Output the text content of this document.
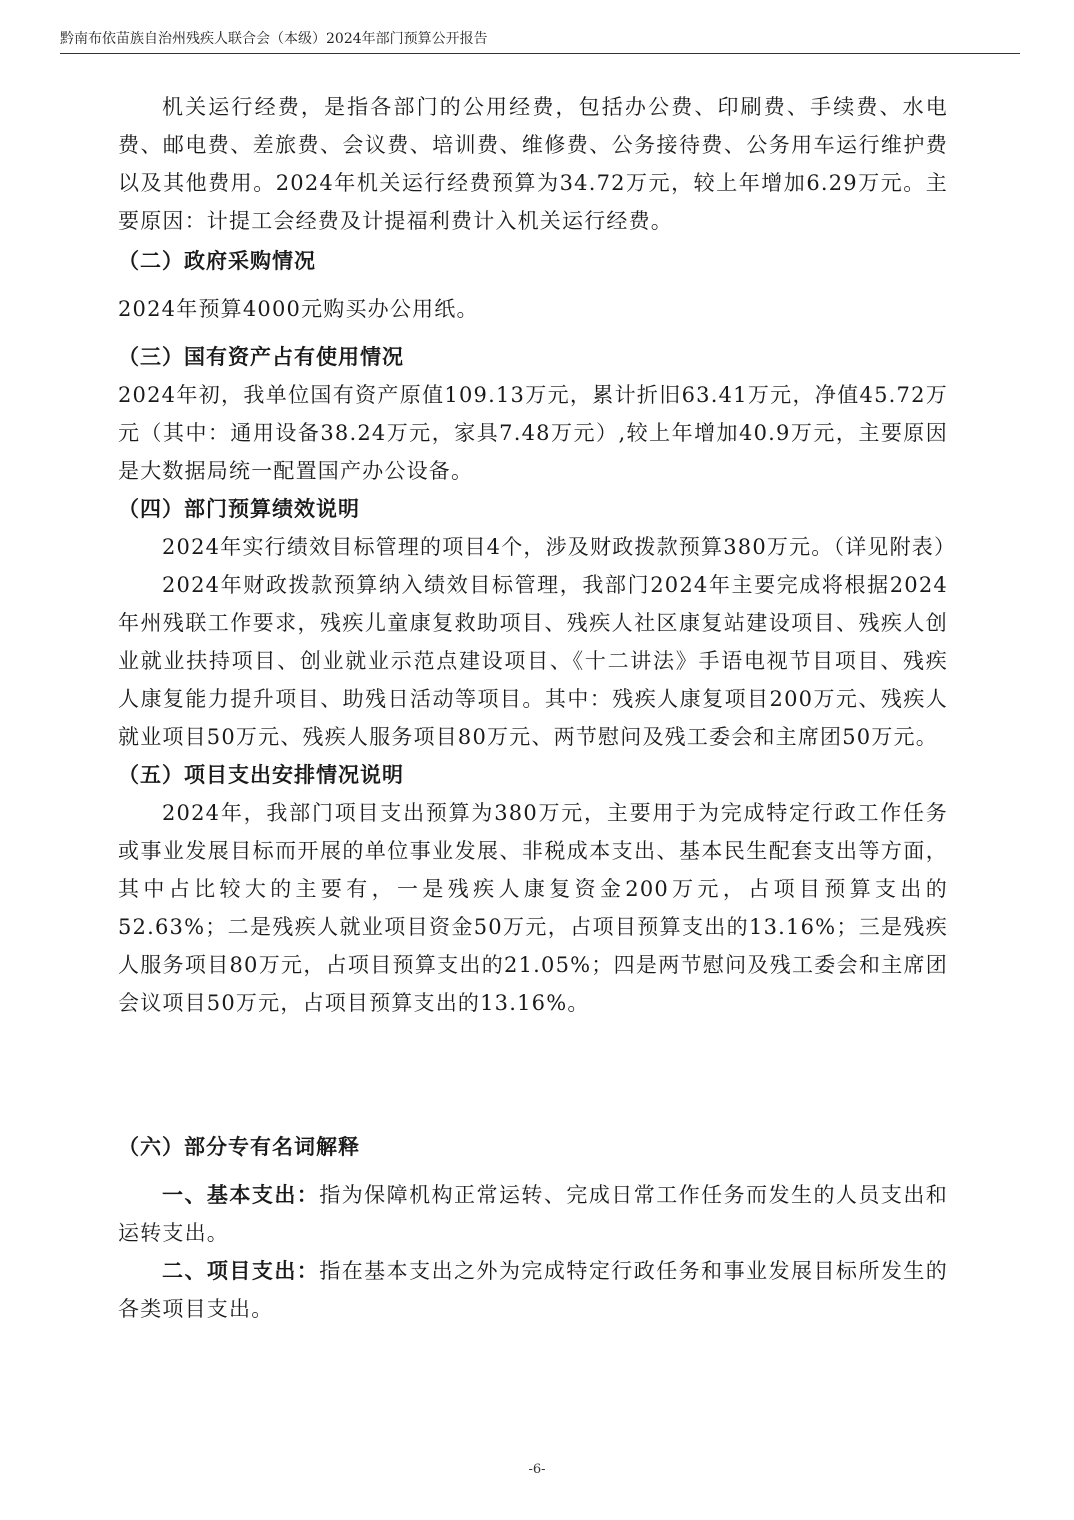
黔南布依苗族自治州残疾人联合会（本级）2024年部门预算公开报告

机关运行经费，是指各部门的公用经费，包括办公费、印刷费、手续费、水电费、邮电费、差旅费、会议费、培训费、维修费、公务接待费、公务用车运行维护费以及其他费用。2024年机关运行经费预算为34.72万元，较上年增加6.29万元。主要原因：计提工会经费及计提福利费计入机关运行经费。

（二）政府采购情况

2024年预算4000元购买办公用纸。

（三）国有资产占有使用情况

2024年初，我单位国有资产原值109.13万元，累计折旧63.41万元，净值45.72万元（其中：通用设备38.24万元，家具7.48万元）,较上年增加40.9万元，主要原因是大数据局统一配置国产办公设备。

（四）部门预算绩效说明

2024年实行绩效目标管理的项目4个，涉及财政拨款预算380万元。（详见附表）

2024年财政拨款预算纳入绩效目标管理，我部门2024年主要完成将根据2024年州残联工作要求，残疾儿童康复救助项目、残疾人社区康复站建设项目、残疾人创业就业扶持项目、创业就业示范点建设项目、《十二讲法》手语电视节目项目、残疾人康复能力提升项目、助残日活动等项目。其中：残疾人康复项目200万元、残疾人就业项目50万元、残疾人服务项目80万元、两节慰问及残工委会和主席团50万元。

（五）项目支出安排情况说明

2024年，我部门项目支出预算为380万元，主要用于为完成特定行政工作任务或事业发展目标而开展的单位事业发展、非税成本支出、基本民生配套支出等方面，其中占比较大的主要有，一是残疾人康复资金200万元，占项目预算支出的52.63%；二是残疾人就业项目资金50万元，占项目预算支出的13.16%；三是残疾人服务项目80万元，占项目预算支出的21.05%；四是两节慰问及残工委会和主席团会议项目50万元，占项目预算支出的13.16%。

（六）部分专有名词解释

一、基本支出：指为保障机构正常运转、完成日常工作任务而发生的人员支出和运转支出。

二、项目支出：指在基本支出之外为完成特定行政任务和事业发展目标所发生的各类项目支出。

-6-
